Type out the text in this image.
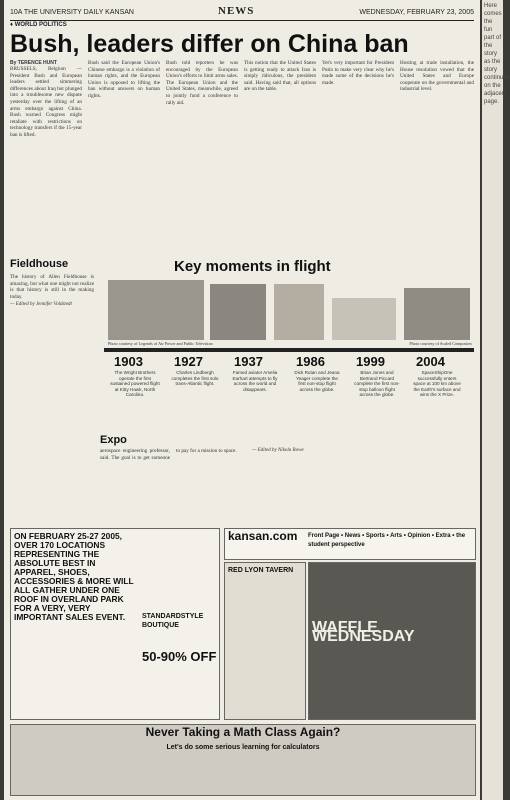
10A THE UNIVERSITY DAILY KANSAN	NEWS	WEDNESDAY, FEBRUARY 23, 2005
♦ WORLD POLITICS
Bush, leaders differ on China ban
By TERENCE HUNT
BRUSSELS, Belgium — President Bush and European leaders settled simmering differences about Iraq but plunged into a troublesome new dispute yesterday over the lifting of an arms embargo against China. Bush warned Congress might retaliate with restrictions on technology transfers if the 15-year ban is lifted.
Bush said the European Union's Chinese embargo is a violation of human rights, and the European Union is opposed to lifting the ban without answers on human rights.
Bush told reporters he was encouraged by the European Union's efforts to limit arms sales. The European Union and the United States, meanwhile, agreed to jointly fund a conference to rally aid.
This notion that the United States is getting ready to attack Iran is simply ridiculous, the president said. Having said that, all options are on the table.
Yet's very important for President Putin to make very clear why he's made some of the decisions he's made.
Hosting at trade installation, the House resolution vowed that the United States and Europe cooperate on the governmental and industrial level.
Fieldhouse
The history of Allen Fieldhouse is amazing, but what one might not realize is that history is still in the making today.
— Edited by Jennifer Voldstedt
Key moments in flight
Photo courtesy of Legends of Air Power and Public Television	Photo courtesy of Scaled Composites
1903
The Wright Brothers operate the first sustained powered flight at Kitty Hawk, North Carolina.
1927
Charles Lindbergh completes the first solo trans-Atlantic flight.
1937
Famed aviator Amelia Earhart attempts to fly across the world and disappears.
1986
Dick Rutan and Jeana Yeager complete the first non-stop flight across the globe.
1999
Brian Jones and Bertrand Piccard complete the first non-stop balloon flight across the globe.
2004
SpaceShipOne successfully enters space at 100 km above the Earth's surface and wins the X Prize.
Expo
aerospace engineering professor, said. The goal is to get someone to pay for a mission to space.	— Edited by Nikola Rowe
ON FEBRUARY 25-27 2005, OVER 170 LOCATIONS REPRESENTING THE ABSOLUTE BEST IN APPAREL, SHOES, ACCESSORIES & MORE WILL ALL GATHER UNDER ONE ROOF IN OVERLAND PARK FOR A VERY, VERY IMPORTANT SALES EVENT.	STANDARDSTYLE BOUTIQUE
50-90% OFF
kansan.com	Front Page • News • Sports • Arts • Opinion • Extra • the student perspective
RED LYON TAVERN
WAFFLE WEDNESDAY
Never Taking a Math Class Again?
Let's do some serious learning for calculators
Here comes the fun part of the story as the story continues on the adjacent page.
